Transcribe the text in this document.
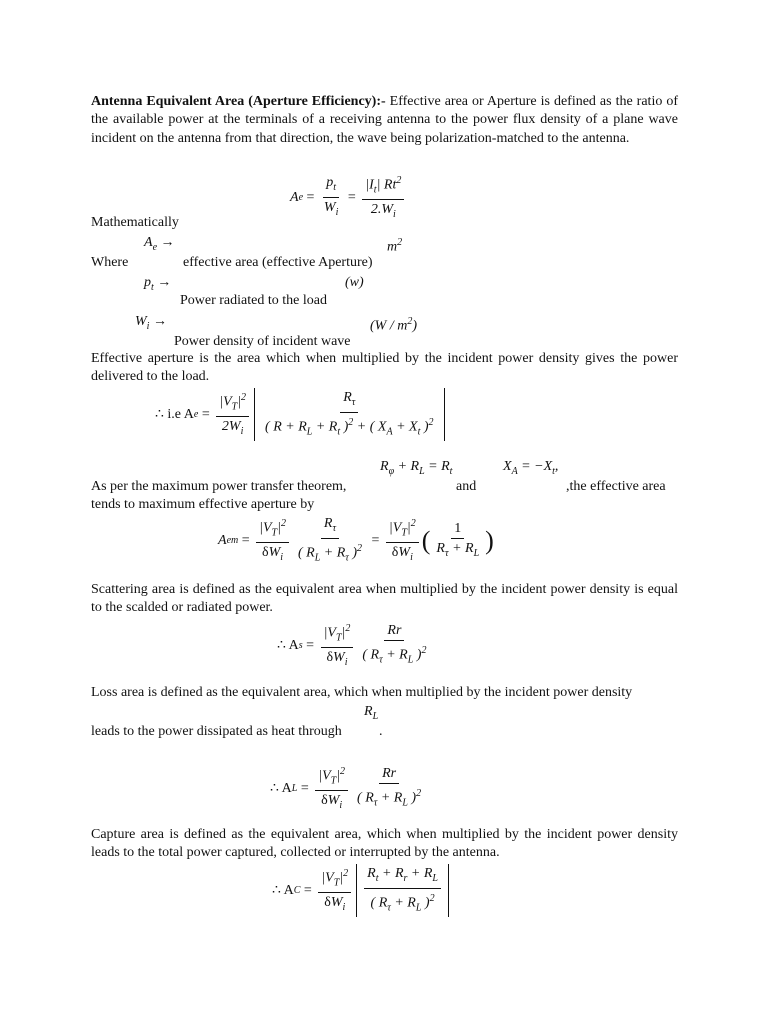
Antenna Equivalent Area (Aperture Efficiency):- Effective area or Aperture is defined as the ratio of the available power at the terminals of a receiving antenna to the power flux density of a plane wave incident on the antenna from that direction, the wave being polarization-matched to the antenna.
A $e = \frac{p_t}{W_i} = \frac{|I_t| Rt^2}{2.W_i}$
Mathematically
$A_e$ →	$m^2$
Where	effective area (effective Aperture)
$p_t$ →	(w)
Power radiated to the load
$W_i$ →	$(W / m^2)$
Power density of incident wave
Effective aperture is the area which when multiplied by the incident power density gives the power delivered to the load.
∴ i.e A $e = \frac{|V_T|^2}{2W_i}$	$R_\tau$
( $R + R_L + R_t$ )$^2$ + ( $X_A + X_t$ )$^2$
$R_\varphi + R_L = R_t$	$X_A = -X_t$,
As per the maximum power transfer theorem,	and	,the effective area
tends to maximum effective aperture by
A em =
$|V_T|^2$
$\delta W_i \frac{R_\tau}{( R_L + R_\tau )^2}$ =
$|V_T|^2$
$\delta W_i$
( 1
$R_\tau + R_L$ )
Scattering area is defined as the equivalent area when multiplied by the incident power density is equal to the scalded or radiated power.
∴ A s =
$|V_T|^2$
$\delta W_i$
Rr
( $R_\tau + R_L$ )$^2$
Loss area is defined as the equivalent area, which when multiplied by the incident power density
$R_L$
leads to the power dissipated as heat through	.
∴ A L =
$|V_T|^2$
$\delta W_i$
Rr
( $R_\tau + R_L$ )$^2$
Capture area is defined as the equivalent area, which when multiplied by the incident power density leads to the total power captured, collected or interrupted by the antenna.
∴ A C =
$|V_T|^2$
$\delta W_i$
$R_t + R_r + R_L$
( $R_\tau + R_L$ )$^2$
